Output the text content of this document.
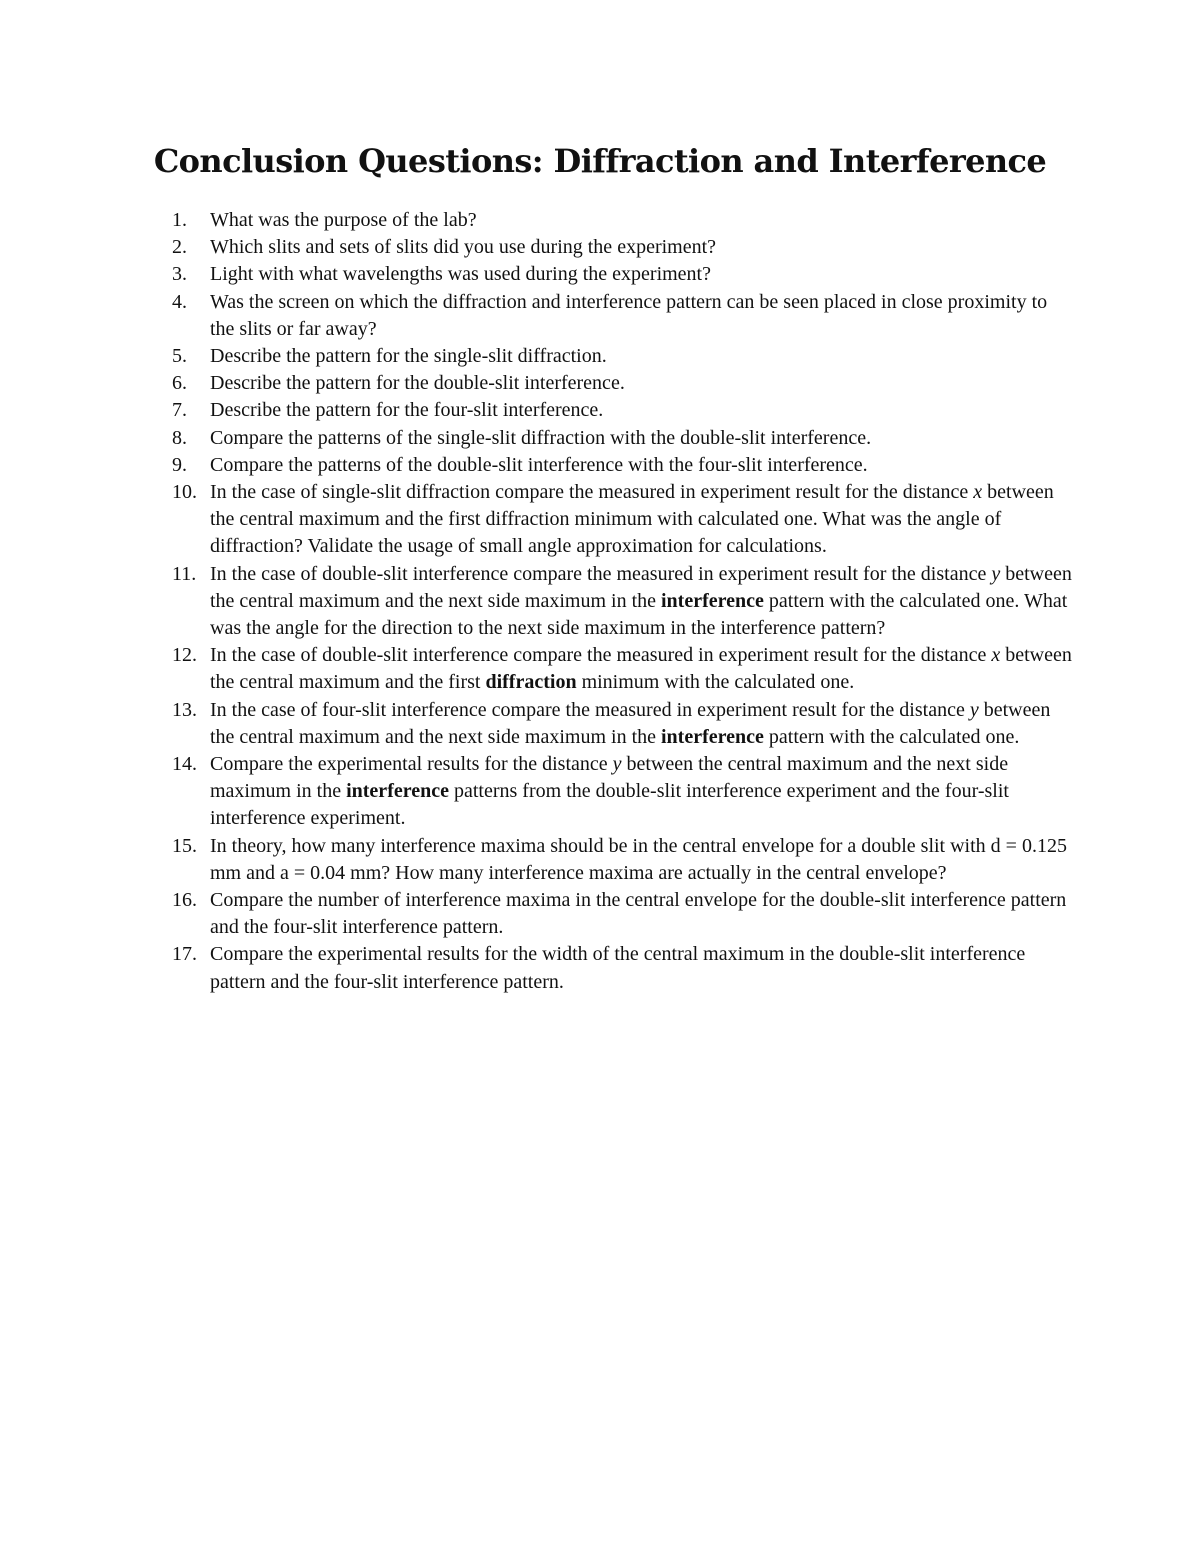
Conclusion Questions: Diffraction and Interference
1.	What was the purpose of the lab?
2.	Which slits and sets of slits did you use during the experiment?
3.	Light with what wavelengths was used during the experiment?
4.	Was the screen on which the diffraction and interference pattern can be seen placed in close proximity to the slits or far away?
5.	Describe the pattern for the single-slit diffraction.
6.	Describe the pattern for the double-slit interference.
7.	Describe the pattern for the four-slit interference.
8.	Compare the patterns of the single-slit diffraction with the double-slit interference.
9.	Compare the patterns of the double-slit interference with the four-slit interference.
10. In the case of single-slit diffraction compare the measured in experiment result for the distance x between the central maximum and the first diffraction minimum with calculated one. What was the angle of diffraction? Validate the usage of small angle approximation for calculations.
11. In the case of double-slit interference compare the measured in experiment result for the distance y between the central maximum and the next side maximum in the interference pattern with the calculated one. What was the angle for the direction to the next side maximum in the interference pattern?
12. In the case of double-slit interference compare the measured in experiment result for the distance x between the central maximum and the first diffraction minimum with the calculated one.
13. In the case of four-slit interference compare the measured in experiment result for the distance y between the central maximum and the next side maximum in the interference pattern with the calculated one.
14. Compare the experimental results for the distance y between the central maximum and the next side maximum in the interference patterns from the double-slit interference experiment and the four-slit interference experiment.
15. In theory, how many interference maxima should be in the central envelope for a double slit with d = 0.125 mm and a = 0.04 mm? How many interference maxima are actually in the central envelope?
16. Compare the number of interference maxima in the central envelope for the double-slit interference pattern and the four-slit interference pattern.
17. Compare the experimental results for the width of the central maximum in the double-slit interference pattern and the four-slit interference pattern.
